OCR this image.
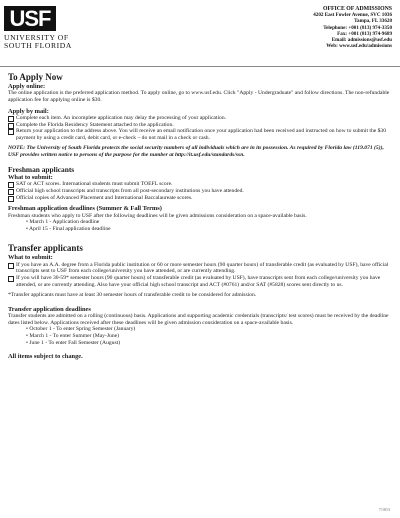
USF
UNIVERSITY OF
SOUTH FLORIDA
OFFICE OF ADMISSIONS
4202 East Fowler Avenue, SVC 1036
Tampa, FL 33620
Telephone: +001 (813) 974-3350
Fax: +001 (813) 974-9689
Email: admissions@usf.edu
Web: www.usf.edu/admissions
To Apply Now
Apply online:

The online application is the preferred application method. To apply online, go to www.usf.edu. Click "Apply - Undergraduate" and follow directions. The non-refundable application fee for applying online is $30.

Apply by mail:
Complete each item. An incomplete application may delay the processing of your application.
Complete the Florida Residency Statement attached to the application.
Return your application to the address above. You will receive an email notification once your application had been received and instructed on how to submit the $30 payment by using a credit card, debit card, or e-check – do not mail in a check or cash.

NOTE: The University of South Florida protects the social security numbers of all individuals which are in its possession. As required by Florida law (119.071 (5)), USF provides written notice to persons of the purpose for the number at http://it.usf.edu/standards/ssn.

Freshman applicants
What to submit:
SAT or ACT scores. International students must submit TOEFL score.
Official high school transcripts and transcripts from all post-secondary institutions you have attended.
Official copies of Advanced Placement and International Baccalaureate scores.
Freshman application deadlines (Summer & Fall Terms)

Freshman students who apply to USF after the following deadlines will be given admissions consideration on a space-available basis.

• March 1 - Application deadline
• April 15 - Final application deadline
Transfer applicants
What to submit:
If you have an A.A. degree from a Florida public institution or 60 or more semester hours (90 quarter hours) of transferable credit (as evaluated by USF), have official transcripts sent to USF from each college/university you have attended, or are currently attending.
If you will have 30-59* semester hours (90 quarter hours) of transferable credit (as evaluated by USF), have transcripts sent from each college/university you have attended, or are currently attending. Also have your official high school transcript and ACT (#0761) and/or SAT (#5828) scores sent directly to us.

*Transfer applicants must have at least 30 semester hours of transferable credit to be considered for admission.

Transfer application deadlines

Transfer students are admitted on a rolling (continuous) basis. Applications and supporting academic credentials (transcripts/ test scores) must be received by the deadline dates listed below. Applications received after these deadlines will be given admission consideration on a space-available basis.

• October 1 - To enter Spring Semester (January)
• March 1 - To enter Summer (May-June)
• June 1 - To enter Fall Semester (August)
All items subject to change.
7/1813
